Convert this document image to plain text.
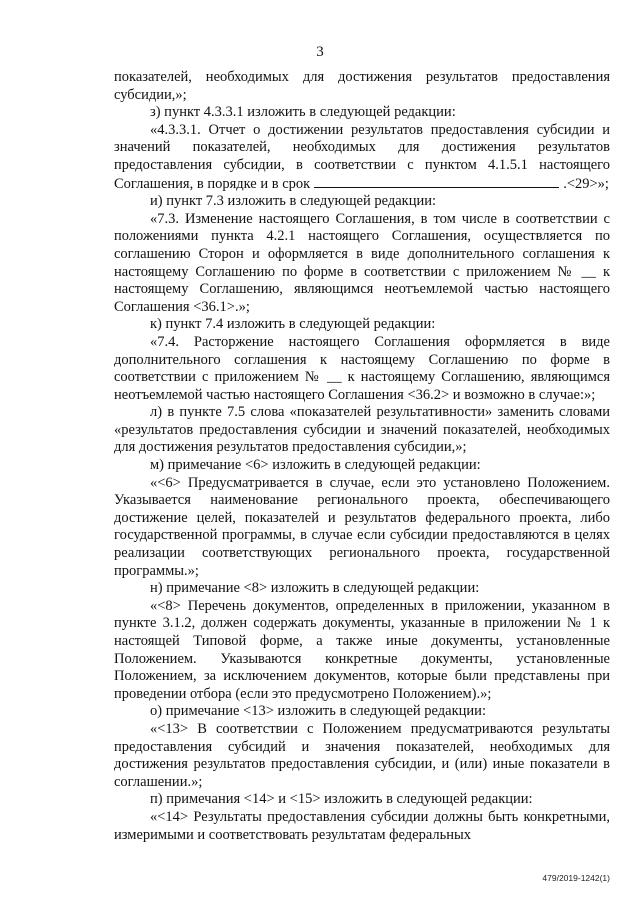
3

показателей, необходимых для достижения результатов предоставления субсидии,»;

з) пункт 4.3.3.1 изложить в следующей редакции:

«4.3.3.1. Отчет о достижении результатов предоставления субсидии и значений показателей, необходимых для достижения результатов предоставления субсидии, в соответствии с пунктом 4.1.5.1 настоящего Соглашения, в порядке и в срок	.<29>»;

и) пункт 7.3 изложить в следующей редакции:

«7.3. Изменение настоящего Соглашения, в том числе в соответствии с положениями пункта 4.2.1 настоящего Соглашения, осуществляется по соглашению Сторон и оформляется в виде дополнительного соглашения к настоящему Соглашению по форме в соответствии с приложением № __ к настоящему Соглашению, являющимся неотъемлемой частью настоящего Соглашения <36.1>.»;

к) пункт 7.4 изложить в следующей редакции:

«7.4. Расторжение настоящего Соглашения оформляется в виде дополнительного соглашения к настоящему Соглашению по форме в соответствии с приложением № __ к настоящему Соглашению, являющимся неотъемлемой частью настоящего Соглашения <36.2> и возможно в случае:»;

л) в пункте 7.5 слова «показателей результативности» заменить словами «результатов предоставления субсидии и значений показателей, необходимых для достижения результатов предоставления субсидии,»;

м) примечание <6> изложить в следующей редакции:

«<6> Предусматривается в случае, если это установлено Положением. Указывается наименование регионального проекта, обеспечивающего достижение целей, показателей и результатов федерального проекта, либо государственной программы, в случае если субсидии предоставляются в целях реализации соответствующих регионального проекта, государственной программы.»;

н) примечание <8> изложить в следующей редакции:

«<8> Перечень документов, определенных в приложении, указанном в пункте 3.1.2, должен содержать документы, указанные в приложении № 1 к настоящей Типовой форме, а также иные документы, установленные Положением. Указываются конкретные документы, установленные Положением, за исключением документов, которые были представлены при проведении отбора (если это предусмотрено Положением).»;

о) примечание <13> изложить в следующей редакции:

«<13> В соответствии с Положением предусматриваются результаты предоставления субсидий и значения показателей, необходимых для достижения результатов предоставления субсидии, и (или) иные показатели в соглашении.»;

п) примечания <14> и <15> изложить в следующей редакции:

«<14> Результаты предоставления субсидии должны быть конкретными, измеримыми и соответствовать результатам федеральных

479/2019-1242(1)
